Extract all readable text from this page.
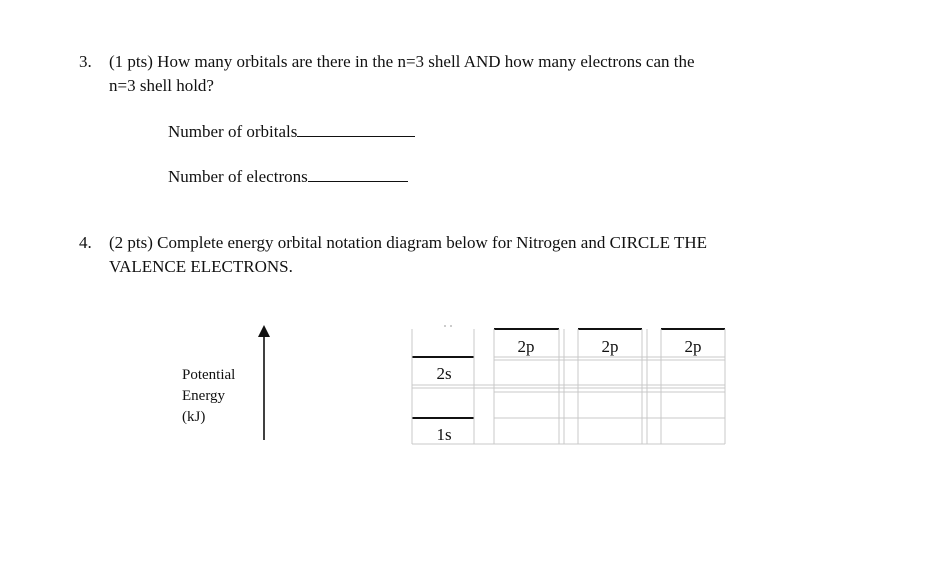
3. (1 pts) How many orbitals are there in the n=3 shell AND how many electrons can the
n=3 shell hold?
Number of orbitals
Number of electrons
4. (2 pts) Complete energy orbital notation diagram below for Nitrogen and CIRCLE THE
VALENCE ELECTRONS.
Potential
Energy
(kJ)
2p	2p	2p
2s
1s
